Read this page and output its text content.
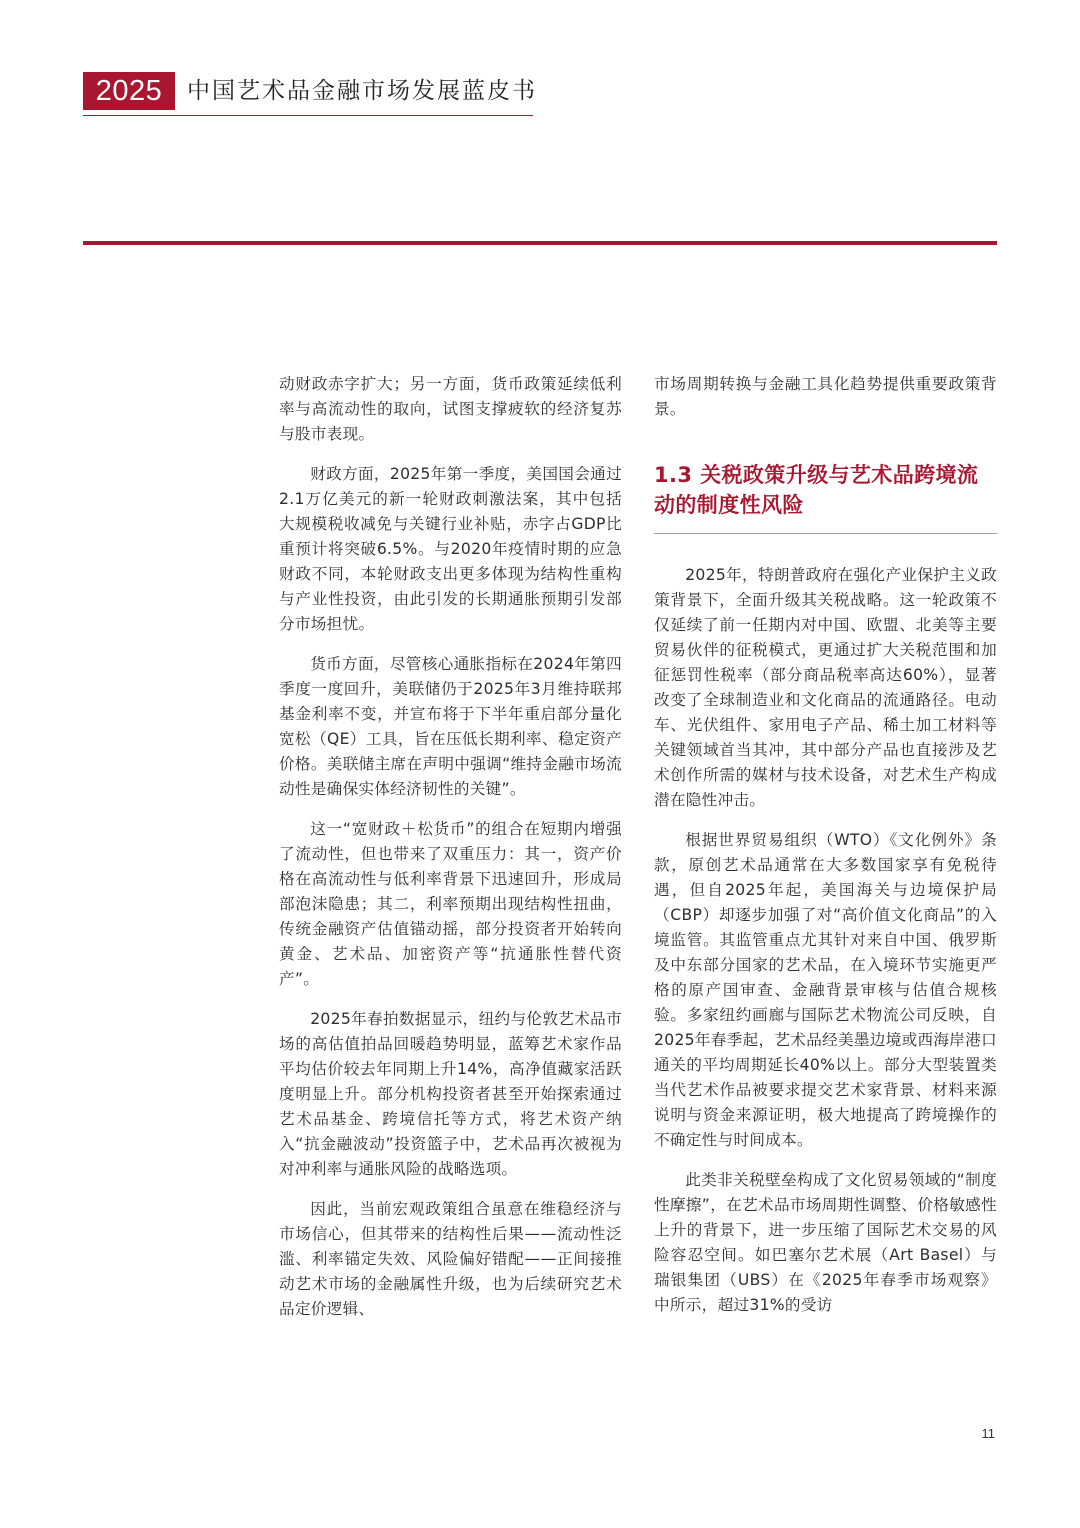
2025	中国艺术品金融市场发展蓝皮书

动财政赤字扩大；另一方面，货币政策延续低利率与高流动性的取向，试图支撑疲软的经济复苏与股市表现。

财政方面，2025年第一季度，美国国会通过2.1万亿美元的新一轮财政刺激法案，其中包括大规模税收减免与关键行业补贴，赤字占GDP比重预计将突破6.5%。与2020年疫情时期的应急财政不同，本轮财政支出更多体现为结构性重构与产业性投资，由此引发的长期通胀预期引发部分市场担忧。

货币方面，尽管核心通胀指标在2024年第四季度一度回升，美联储仍于2025年3月维持联邦基金利率不变，并宣布将于下半年重启部分量化宽松（QE）工具，旨在压低长期利率、稳定资产价格。美联储主席在声明中强调“维持金融市场流动性是确保实体经济韧性的关键”。

这一“宽财政＋松货币”的组合在短期内增强了流动性，但也带来了双重压力：其一，资产价格在高流动性与低利率背景下迅速回升，形成局部泡沫隐患；其二，利率预期出现结构性扭曲，传统金融资产估值锚动摇，部分投资者开始转向黄金、艺术品、加密资产等“抗通胀性替代资产”。

2025年春拍数据显示，纽约与伦敦艺术品市场的高估值拍品回暖趋势明显，蓝筹艺术家作品平均估价较去年同期上升14%，高净值藏家活跃度明显上升。部分机构投资者甚至开始探索通过艺术品基金、跨境信托等方式，将艺术资产纳入“抗金融波动”投资篮子中，艺术品再次被视为对冲利率与通胀风险的战略选项。

因此，当前宏观政策组合虽意在维稳经济与市场信心，但其带来的结构性后果——流动性泛滥、利率锚定失效、风险偏好错配——正间接推动艺术市场的金融属性升级，也为后续研究艺术品定价逻辑、

市场周期转换与金融工具化趋势提供重要政策背景。

1.3 关税政策升级与艺术品跨境流动的制度性风险

2025年，特朗普政府在强化产业保护主义政策背景下，全面升级其关税战略。这一轮政策不仅延续了前一任期内对中国、欧盟、北美等主要贸易伙伴的征税模式，更通过扩大关税范围和加征惩罚性税率（部分商品税率高达60%），显著改变了全球制造业和文化商品的流通路径。电动车、光伏组件、家用电子产品、稀土加工材料等关键领域首当其冲，其中部分产品也直接涉及艺术创作所需的媒材与技术设备，对艺术生产构成潜在隐性冲击。

根据世界贸易组织（WTO）《文化例外》条款，原创艺术品通常在大多数国家享有免税待遇，但自2025年起，美国海关与边境保护局（CBP）却逐步加强了对“高价值文化商品”的入境监管。其监管重点尤其针对来自中国、俄罗斯及中东部分国家的艺术品，在入境环节实施更严格的原产国审查、金融背景审核与估值合规核验。多家纽约画廊与国际艺术物流公司反映，自2025年春季起，艺术品经美墨边境或西海岸港口通关的平均周期延长40%以上。部分大型装置类当代艺术作品被要求提交艺术家背景、材料来源说明与资金来源证明，极大地提高了跨境操作的不确定性与时间成本。

此类非关税壁垒构成了文化贸易领域的“制度性摩擦”，在艺术品市场周期性调整、价格敏感性上升的背景下，进一步压缩了国际艺术交易的风险容忍空间。如巴塞尔艺术展（Art Basel）与瑞银集团（UBS）在《2025年春季市场观察》中所示，超过31%的受访

11
